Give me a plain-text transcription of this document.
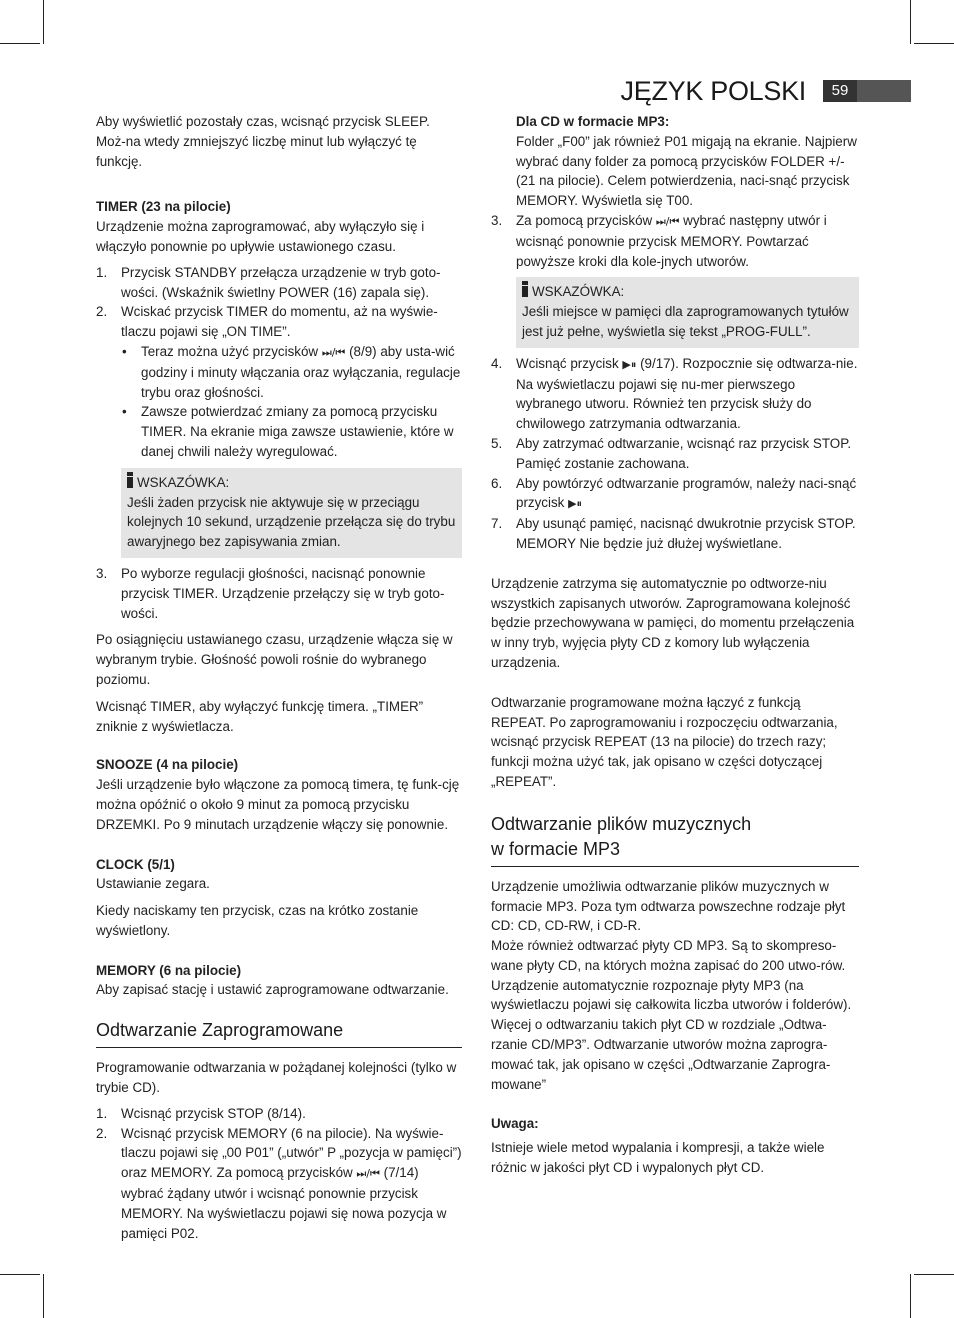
JĘZYK POLSKI	59

Aby wyświetlić pozostały czas, wcisnąć przycisk SLEEP. Moż-na wtedy zmniejszyć liczbę minut lub wyłączyć tę funkcję.

TIMER (23 na pilocie)

Urządzenie można zaprogramować, aby wyłączyło się i włączyło ponownie po upływie ustawionego czasu.

1. Przycisk STANDBY przełącza urządzenie w tryb goto-wości. (Wskaźnik świetlny POWER (16) zapala się).
2. Wciskać przycisk TIMER do momentu, aż na wyświe-tlaczu pojawi się „ON TIME”.
• Teraz można użyć przycisków ⏭/⏮ (8/9) aby usta-wić godziny i minuty włączania oraz wyłączania, regulacje trybu oraz głośności.
• Zawsze potwierdzać zmiany za pomocą przycisku TIMER. Na ekranie miga zawsze ustawienie, które w danej chwili należy wyregulować.
WSKAZÓWKA:
Jeśli żaden przycisk nie aktywuje się w przeciągu kolejnych 10 sekund, urządzenie przełącza się do trybu awaryjnego bez zapisywania zmian.
3. Po wyborze regulacji głośności, nacisnąć ponownie przycisk TIMER. Urządzenie przełączy się w tryb goto-wości.

Po osiągnięciu ustawianego czasu, urządzenie włącza się w wybranym trybie. Głośność powoli rośnie do wybranego poziomu.

Wcisnąć TIMER, aby wyłączyć funkcję timera. „TIMER” zniknie z wyświetlacza.

SNOOZE (4 na pilocie)

Jeśli urządzenie było włączone za pomocą timera, tę funk-cję można opóźnić o około 9 minut za pomocą przycisku DRZEMKI. Po 9 minutach urządzenie włączy się ponownie.

CLOCK (5/1)

Ustawianie zegara.

Kiedy naciskamy ten przycisk, czas na krótko zostanie wyświetlony.

MEMORY (6 na pilocie)

Aby zapisać stację i ustawić zaprogramowane odtwarzanie.

Odtwarzanie Zaprogramowane

Programowanie odtwarzania w pożądanej kolejności (tylko w trybie CD).

1. Wcisnąć przycisk STOP (8/14).
2. Wcisnąć przycisk MEMORY (6 na pilocie). Na wyświe-tlaczu pojawi się „00 P01” („utwór” P „pozycja w pamięci”) oraz MEMORY. Za pomocą przycisków ⏭/⏮ (7/14) wybrać żądany utwór i wcisnąć ponownie przycisk MEMORY. Na wyświetlaczu pojawi się nowa pozycja w pamięci P02.

Dla CD w formacie MP3:

Folder „F00” jak również P01 migają na ekranie. Najpierw wybrać dany folder za pomocą przycisków FOLDER +/- (21 na pilocie). Celem potwierdzenia, naci-snąć przycisk MEMORY. Wyświetla się T00.

3. Za pomocą przycisków ⏭/⏮ wybrać następny utwór i wcisnąć ponownie przycisk MEMORY. Powtarzać powyższe kroki dla kole-jnych utworów.
WSKAZÓWKA:
Jeśli miejsce w pamięci dla zaprogramowanych tytułów jest już pełne, wyświetla się tekst „PROG-FULL”.
4. Wcisnąć przycisk ▶⏸ (9/17). Rozpocznie się odtwarza-nie. Na wyświetlaczu pojawi się nu-mer pierwszego wybranego utworu. Również ten przycisk służy do chwilowego zatrzymania odtwarzania.
5. Aby zatrzymać odtwarzanie, wcisnąć raz przycisk STOP. Pamięć zostanie zachowana.
6. Aby powtórzyć odtwarzanie programów, należy naci-snąć przycisk ▶⏸
7. Aby usunąć pamięć, nacisnąć dwukrotnie przycisk STOP. MEMORY Nie będzie już dłużej wyświetlane.

Urządzenie zatrzyma się automatycznie po odtworze-niu wszystkich zapisanych utworów. Zaprogramowana kolejność będzie przechowywana w pamięci, do momentu przełączenia w inny tryb, wyjęcia płyty CD z komory lub wyłączenia urządzenia.

Odtwarzanie programowane można łączyć z funkcją REPEAT. Po zaprogramowaniu i rozpoczęciu odtwarzania, wcisnąć przycisk REPEAT (13 na pilocie) do trzech razy; funkcji można użyć tak, jak opisano w części dotyczącej „REPEAT”.

Odtwarzanie plików muzycznych
w formacie MP3

Urządzenie umożliwia odtwarzanie plików muzycznych w formacie MP3. Poza tym odtwarza powszechne rodzaje płyt CD: CD, CD-RW, i CD-R.

Może również odtwarzać płyty CD MP3. Są to skompreso-wane płyty CD, na których można zapisać do 200 utwo-rów. Urządzenie automatycznie rozpoznaje płyty MP3 (na wyświetlaczu pojawi się całkowita liczba utworów i folderów).

Więcej o odtwarzaniu takich płyt CD w rozdziale „Odtwa-rzanie CD/MP3”. Odtwarzanie utworów można zaprogra-mować tak, jak opisano w części „Odtwarzanie Zaprogra-mowane”

Uwaga:

Istnieje wiele metod wypalania i kompresji, a także wiele różnic w jakości płyt CD i wypalonych płyt CD.
